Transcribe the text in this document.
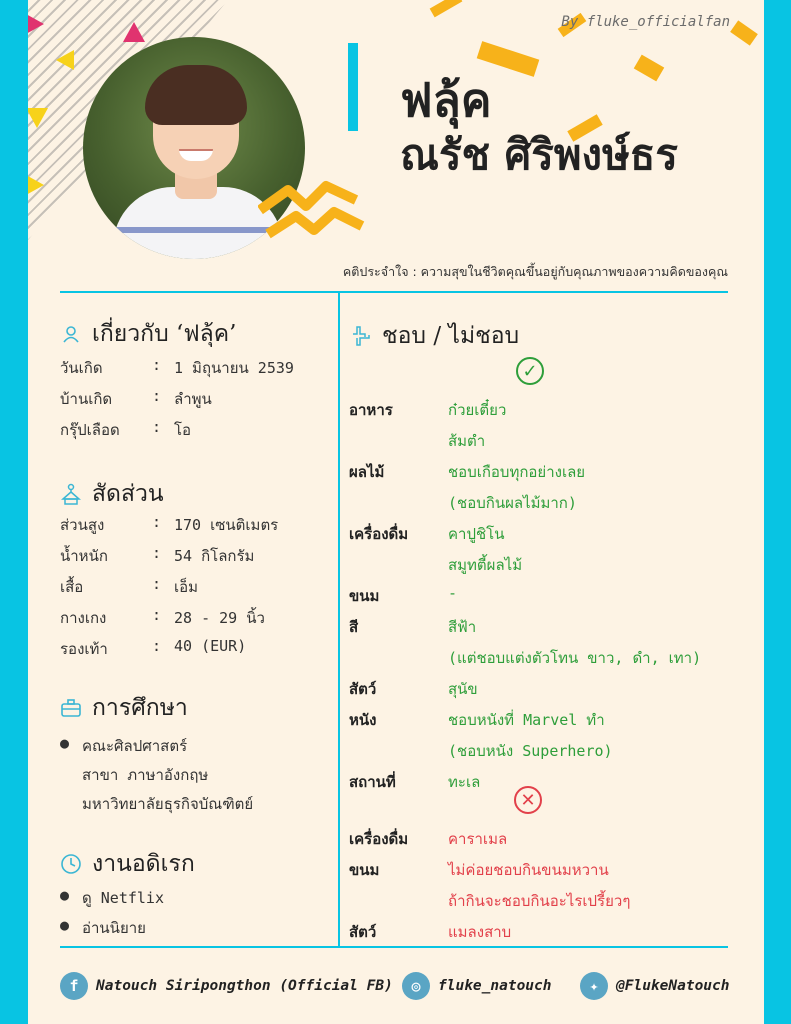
By fluke_officialfan
ฟลุ้ค
ณรัช ศิริพงษ์ธร
คติประจำใจ : ความสุขในชีวิตคุณขึ้นอยู่กับคุณภาพของความคิดของคุณ
เกี่ยวกับ ‘ฟลุ้ค’
วันเกิด	: 1 มิถุนายน 2539
บ้านเกิด	: ลำพูน
กรุ๊ปเลือด	: โอ
สัดส่วน
ส่วนสูง	: 170 เซนติเมตร
น้ำหนัก	: 54 กิโลกรัม
เสื้อ	: เอ็ม
กางเกง	: 28 - 29 นิ้ว
รองเท้า	: 40 (EUR)
การศึกษา
● คณะศิลปศาสตร์
สาขา ภาษาอังกฤษ
มหาวิทยาลัยธุรกิจบัณฑิตย์
งานอดิเรก
● ดู Netflix
● อ่านนิยาย
ชอบ / ไม่ชอบ
✓
อาหาร	ก๋วยเตี๋ยว
ส้มตำ
ผลไม้	ชอบเกือบทุกอย่างเลย
(ชอบกินผลไม้มาก)
เครื่องดื่ม	คาปูชิโน
สมูทตี้ผลไม้
ขนม	-
สี	สีฟ้า
(แต่ชอบแต่งตัวโทน ขาว, ดำ, เทา)
สัตว์	สุนัข
หนัง	ชอบหนังที่ Marvel ทำ
(ชอบหนัง Superhero)
สถานที่	ทะเล
✕
เครื่องดื่ม	คาราเมล
ขนม	ไม่ค่อยชอบกินขนมหวาน
ถ้ากินจะชอบกินอะไรเปรี้ยวๆ
สัตว์	แมลงสาบ
f	Natouch Siripongthon (Official FB)	◎	fluke_natouch	✦	@FlukeNatouch
